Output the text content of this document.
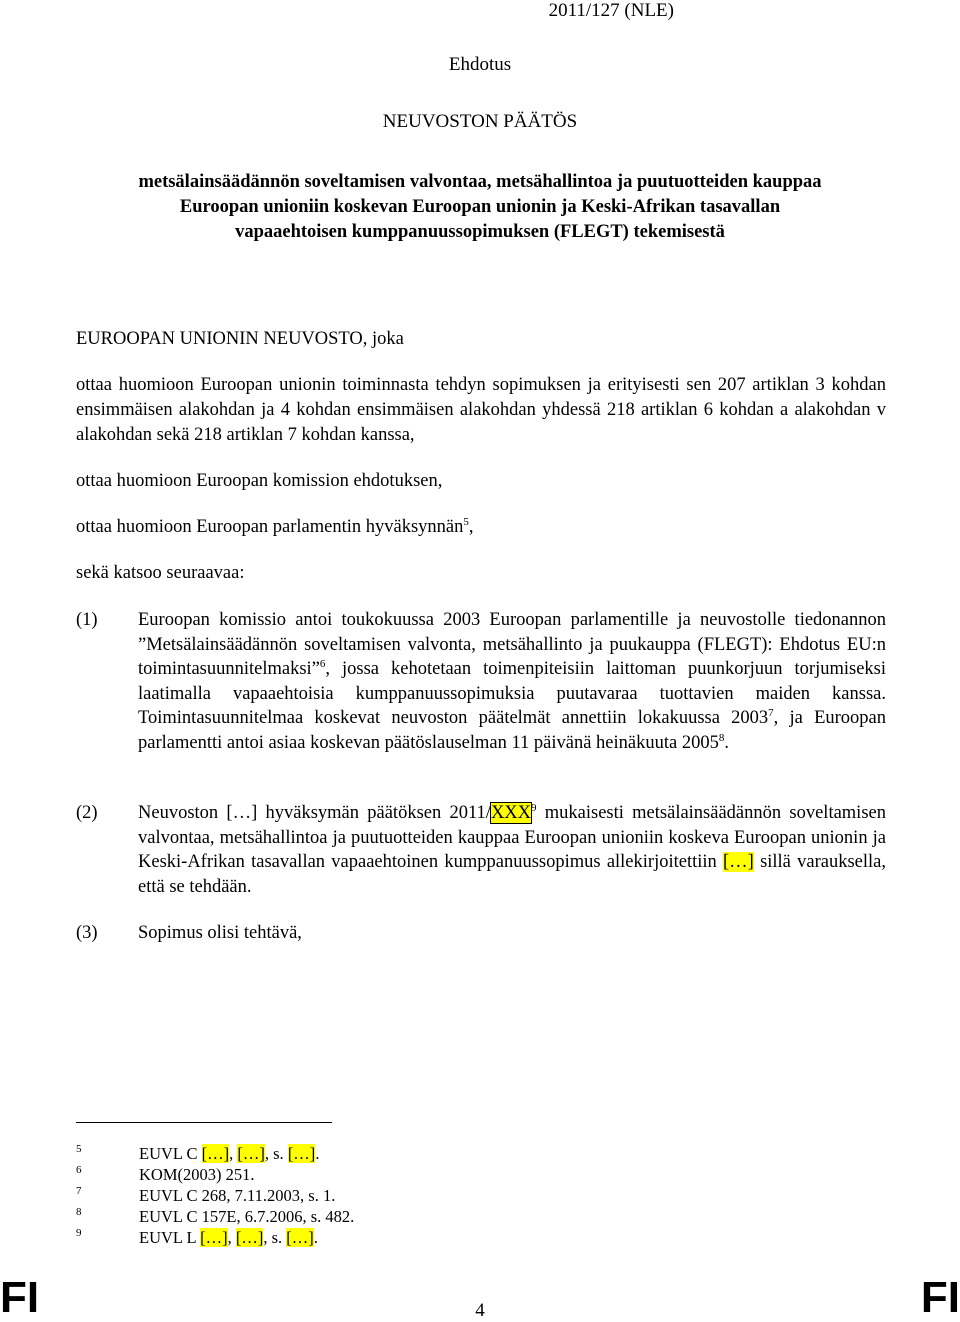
2011/127 (NLE)
Ehdotus
NEUVOSTON PÄÄTÖS
metsälainsäädännön soveltamisen valvontaa, metsähallintoa ja puutuotteiden kauppaa
Euroopan unioniin koskevan Euroopan unionin ja Keski-Afrikan tasavallan
vapaaehtoisen kumppanuussopimuksen (FLEGT) tekemisestä
EUROOPAN UNIONIN NEUVOSTO, joka
ottaa huomioon Euroopan unionin toiminnasta tehdyn sopimuksen ja erityisesti sen 207 artiklan 3 kohdan ensimmäisen alakohdan ja 4 kohdan ensimmäisen alakohdan yhdessä 218 artiklan 6 kohdan a alakohdan v alakohdan sekä 218 artiklan 7 kohdan kanssa,
ottaa huomioon Euroopan komission ehdotuksen,
ottaa huomioon Euroopan parlamentin hyväksynnän$^5$,
sekä katsoo seuraavaa:
(1) Euroopan komissio antoi toukokuussa 2003 Euroopan parlamentille ja neuvostolle tiedonannon ”Metsälainsäädännön soveltamisen valvonta, metsähallinto ja puukauppa (FLEGT): Ehdotus EU:n toimintasuunnitelmaksi”$^6$, jossa kehotetaan toimenpiteisiin laittoman puunkorjuun torjumiseksi laatimalla vapaaehtoisia kumppanuussopimuksia puutavaraa tuottavien maiden kanssa. Toimintasuunnitelmaa koskevat neuvoston päätelmät annettiin lokakuussa 2003$^7$, ja Euroopan parlamentti antoi asiaa koskevan päätöslauselman 11 päivänä heinäkuuta 2005$^8$.
(2) Neuvoston […] hyväksymän päätöksen 2011/XXX$^9$ mukaisesti metsälainsäädännön soveltamisen valvontaa, metsähallintoa ja puutuotteiden kauppaa Euroopan unioniin koskeva Euroopan unionin ja Keski-Afrikan tasavallan vapaaehtoinen kumppanuussopimus allekirjoitettiin […] sillä varauksella, että se tehdään.
(3) Sopimus olisi tehtävä,
5	EUVL C […], […], s. […].
6	KOM(2003) 251.
7	EUVL C 268, 7.11.2003, s. 1.
8	EUVL C 157E, 6.7.2006, s. 482.
9	EUVL L […], […], s. […].
FI	4	FI
